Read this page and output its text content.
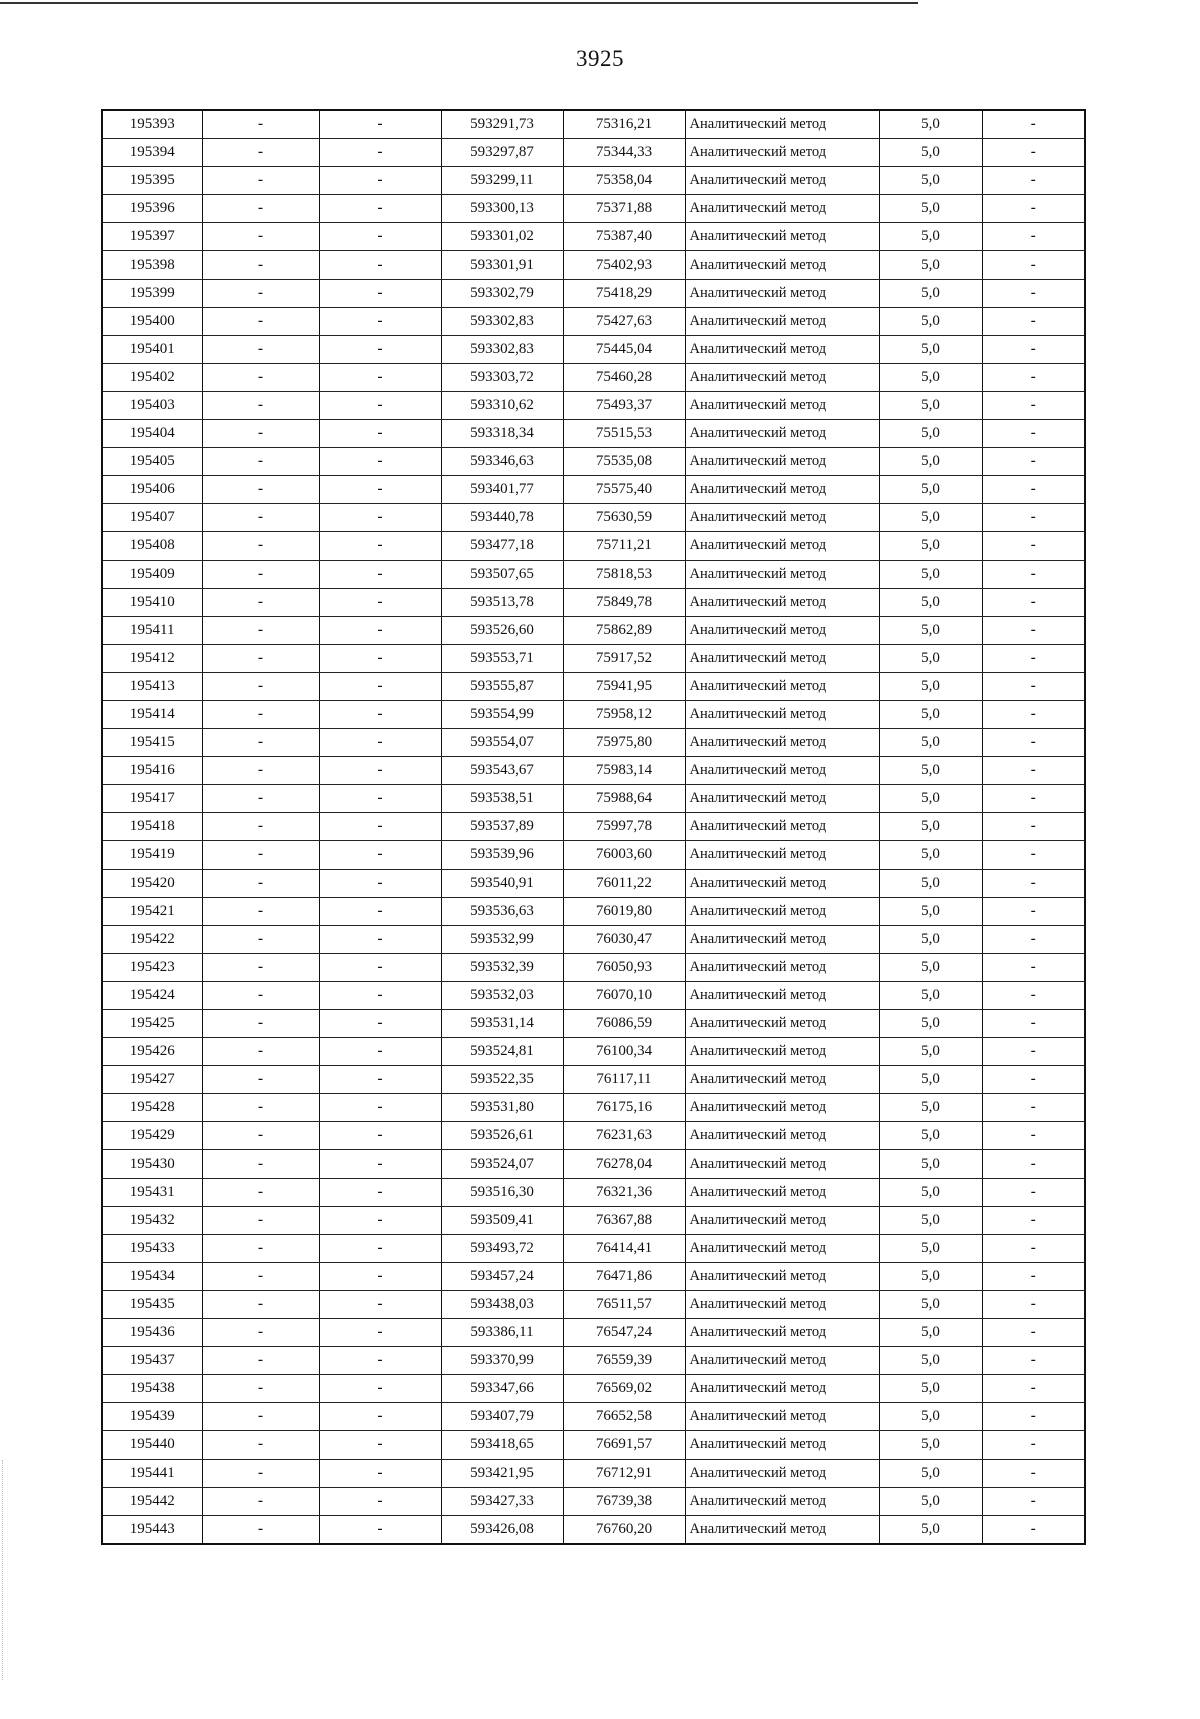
3925
195393	-	-	593291,73	75316,21	Аналитический метод	5,0	-
195394	-	-	593297,87	75344,33	Аналитический метод	5,0	-
195395	-	-	593299,11	75358,04	Аналитический метод	5,0	-
195396	-	-	593300,13	75371,88	Аналитический метод	5,0	-
195397	-	-	593301,02	75387,40	Аналитический метод	5,0	-
195398	-	-	593301,91	75402,93	Аналитический метод	5,0	-
195399	-	-	593302,79	75418,29	Аналитический метод	5,0	-
195400	-	-	593302,83	75427,63	Аналитический метод	5,0	-
195401	-	-	593302,83	75445,04	Аналитический метод	5,0	-
195402	-	-	593303,72	75460,28	Аналитический метод	5,0	-
195403	-	-	593310,62	75493,37	Аналитический метод	5,0	-
195404	-	-	593318,34	75515,53	Аналитический метод	5,0	-
195405	-	-	593346,63	75535,08	Аналитический метод	5,0	-
195406	-	-	593401,77	75575,40	Аналитический метод	5,0	-
195407	-	-	593440,78	75630,59	Аналитический метод	5,0	-
195408	-	-	593477,18	75711,21	Аналитический метод	5,0	-
195409	-	-	593507,65	75818,53	Аналитический метод	5,0	-
195410	-	-	593513,78	75849,78	Аналитический метод	5,0	-
195411	-	-	593526,60	75862,89	Аналитический метод	5,0	-
195412	-	-	593553,71	75917,52	Аналитический метод	5,0	-
195413	-	-	593555,87	75941,95	Аналитический метод	5,0	-
195414	-	-	593554,99	75958,12	Аналитический метод	5,0	-
195415	-	-	593554,07	75975,80	Аналитический метод	5,0	-
195416	-	-	593543,67	75983,14	Аналитический метод	5,0	-
195417	-	-	593538,51	75988,64	Аналитический метод	5,0	-
195418	-	-	593537,89	75997,78	Аналитический метод	5,0	-
195419	-	-	593539,96	76003,60	Аналитический метод	5,0	-
195420	-	-	593540,91	76011,22	Аналитический метод	5,0	-
195421	-	-	593536,63	76019,80	Аналитический метод	5,0	-
195422	-	-	593532,99	76030,47	Аналитический метод	5,0	-
195423	-	-	593532,39	76050,93	Аналитический метод	5,0	-
195424	-	-	593532,03	76070,10	Аналитический метод	5,0	-
195425	-	-	593531,14	76086,59	Аналитический метод	5,0	-
195426	-	-	593524,81	76100,34	Аналитический метод	5,0	-
195427	-	-	593522,35	76117,11	Аналитический метод	5,0	-
195428	-	-	593531,80	76175,16	Аналитический метод	5,0	-
195429	-	-	593526,61	76231,63	Аналитический метод	5,0	-
195430	-	-	593524,07	76278,04	Аналитический метод	5,0	-
195431	-	-	593516,30	76321,36	Аналитический метод	5,0	-
195432	-	-	593509,41	76367,88	Аналитический метод	5,0	-
195433	-	-	593493,72	76414,41	Аналитический метод	5,0	-
195434	-	-	593457,24	76471,86	Аналитический метод	5,0	-
195435	-	-	593438,03	76511,57	Аналитический метод	5,0	-
195436	-	-	593386,11	76547,24	Аналитический метод	5,0	-
195437	-	-	593370,99	76559,39	Аналитический метод	5,0	-
195438	-	-	593347,66	76569,02	Аналитический метод	5,0	-
195439	-	-	593407,79	76652,58	Аналитический метод	5,0	-
195440	-	-	593418,65	76691,57	Аналитический метод	5,0	-
195441	-	-	593421,95	76712,91	Аналитический метод	5,0	-
195442	-	-	593427,33	76739,38	Аналитический метод	5,0	-
195443	-	-	593426,08	76760,20	Аналитический метод	5,0	-
